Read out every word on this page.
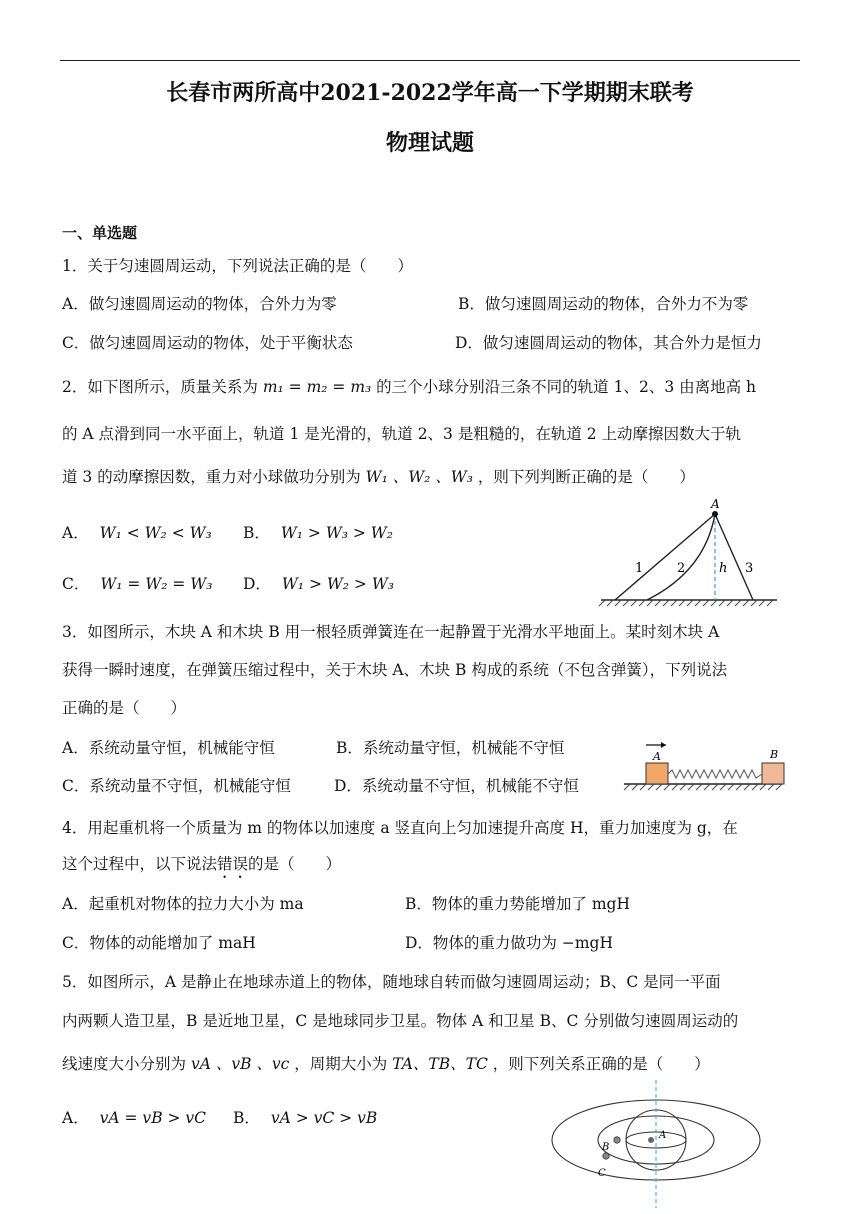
长春市两所高中2021-2022学年高一下学期期末联考
物理试题
一、单选题
1．关于匀速圆周运动，下列说法正确的是（　　）
A．做匀速圆周运动的物体，合外力为零	B．做匀速圆周运动的物体，合外力不为零
C．做匀速圆周运动的物体，处于平衡状态	D．做匀速圆周运动的物体，其合外力是恒力
2．如下图所示，质量关系为 m₁ = m₂ = m₃ 的三个小球分别沿三条不同的轨道 1、2、3 由离地高 h
的 A 点滑到同一水平面上，轨道 1 是光滑的，轨道 2、3 是粗糙的，在轨道 2 上动摩擦因数大于轨
道 3 的动摩擦因数，重力对小球做功分别为 W₁ 、W₂ 、W₃ ，则下列判断正确的是（　　）
A． W₁ < W₂ < W₃ B． W₁ > W₃ > W₂
C． W₁ = W₂ = W₃ D． W₁ > W₂ > W₃
A
1	2	h 3
3．如图所示，木块 A 和木块 B 用一根轻质弹簧连在一起静置于光滑水平地面上。某时刻木块 A
获得一瞬时速度，在弹簧压缩过程中，关于木块 A、木块 B 构成的系统（不包含弹簧），下列说法
正确的是（　　）
A．系统动量守恒，机械能守恒	B．系统动量守恒，机械能不守恒
C．系统动量不守恒，机械能守恒	D．系统动量不守恒，机械能不守恒
A	B
4．用起重机将一个质量为 m 的物体以加速度 a 竖直向上匀加速提升高度 H，重力加速度为 g，在
这个过程中，以下说法错误的是（　　）
A．起重机对物体的拉力大小为 ma	B．物体的重力势能增加了 mgH
C．物体的动能增加了 maH	D．物体的重力做功为 −mgH
5．如图所示，A 是静止在地球赤道上的物体，随地球自转而做匀速圆周运动；B、C 是同一平面
内两颗人造卫星，B 是近地卫星，C 是地球同步卫星。物体 A 和卫星 B、C 分别做匀速圆周运动的
线速度大小分别为 vA 、vB 、vc ，周期大小为 TA、TB、TC ，则下列关系正确的是（　　）
A． vA = vB > vC B． vA > vC > vB
A
B
C
